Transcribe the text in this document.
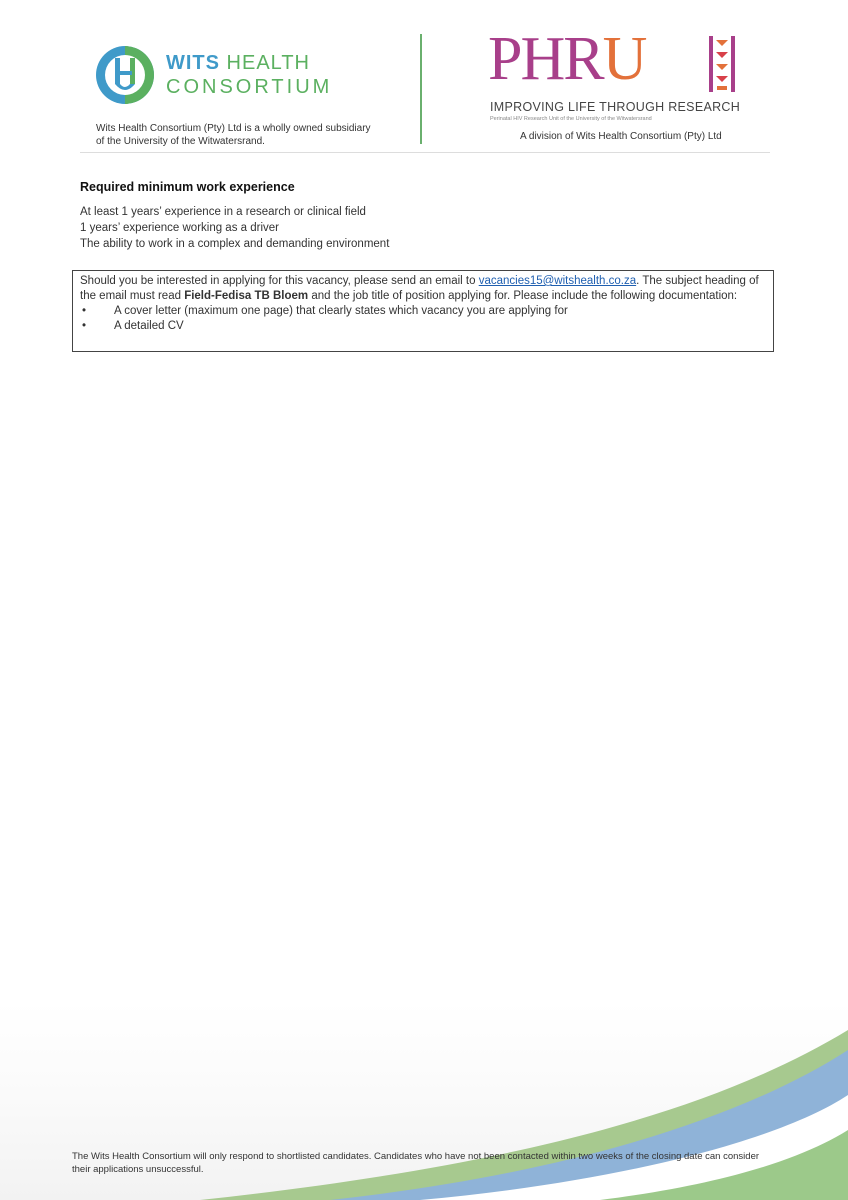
WITS HEALTH
CONSORTIUM
Wits Health Consortium (Pty) Ltd is a wholly owned subsidiary of the University of the Witwatersrand.
PHRU
IMPROVING LIFE THROUGH RESEARCH
Perinatal HIV Research Unit of the University of the Witwatersrand
A division of Wits Health Consortium (Pty) Ltd
Required minimum work experience
At least 1 years’ experience in a research or clinical field
1 years’ experience working as a driver
The ability to work in a complex and demanding environment
Should you be interested in applying for this vacancy, please send an email to vacancies15@witshealth.co.za. The subject heading of the email must read Field-Fedisa TB Bloem and the job title of position applying for. Please include the following documentation:
• A cover letter (maximum one page) that clearly states which vacancy you are applying for
• A detailed CV
The Wits Health Consortium will only respond to shortlisted candidates. Candidates who have not been contacted within two weeks of the closing date can consider their applications unsuccessful.
